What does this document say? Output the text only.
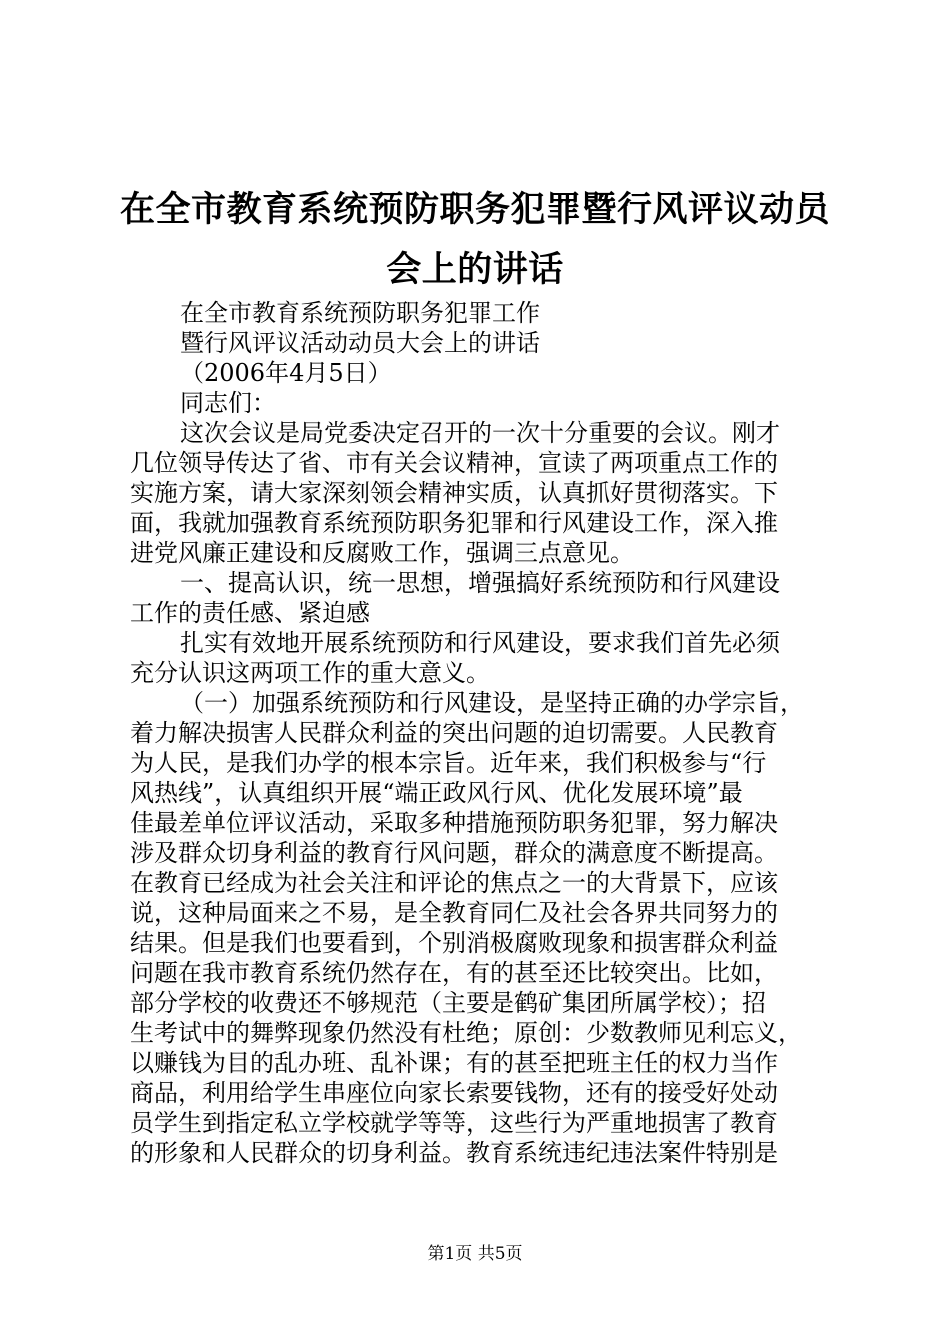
在全市教育系统预防职务犯罪暨行风评议动员
会上的讲话
在全市教育系统预防职务犯罪工作
暨行风评议活动动员大会上的讲话
（2006年4月5日）
同志们：
这次会议是局党委决定召开的一次十分重要的会议。刚才
几位领导传达了省、市有关会议精神，宣读了两项重点工作的
实施方案，请大家深刻领会精神实质，认真抓好贯彻落实。下
面，我就加强教育系统预防职务犯罪和行风建设工作，深入推
进党风廉正建设和反腐败工作，强调三点意见。
一、提高认识，统一思想，增强搞好系统预防和行风建设
工作的责任感、紧迫感
扎实有效地开展系统预防和行风建设，要求我们首先必须
充分认识这两项工作的重大意义。
（一）加强系统预防和行风建设，是坚持正确的办学宗旨，
着力解决损害人民群众利益的突出问题的迫切需要。人民教育
为人民，是我们办学的根本宗旨。近年来，我们积极参与“行
风热线”，认真组织开展“端正政风行风、优化发展环境”最
佳最差单位评议活动，采取多种措施预防职务犯罪，努力解决
涉及群众切身利益的教育行风问题，群众的满意度不断提高。
在教育已经成为社会关注和评论的焦点之一的大背景下，应该
说，这种局面来之不易，是全教育同仁及社会各界共同努力的
结果。但是我们也要看到，个别消极腐败现象和损害群众利益
问题在我市教育系统仍然存在，有的甚至还比较突出。比如，
部分学校的收费还不够规范（主要是鹤矿集团所属学校）；招
生考试中的舞弊现象仍然没有杜绝；原创：少数教师见利忘义，
以赚钱为目的乱办班、乱补课；有的甚至把班主任的权力当作
商品，利用给学生串座位向家长索要钱物，还有的接受好处动
员学生到指定私立学校就学等等，这些行为严重地损害了教育
的形象和人民群众的切身利益。教育系统违纪违法案件特别是
第1页 共5页
